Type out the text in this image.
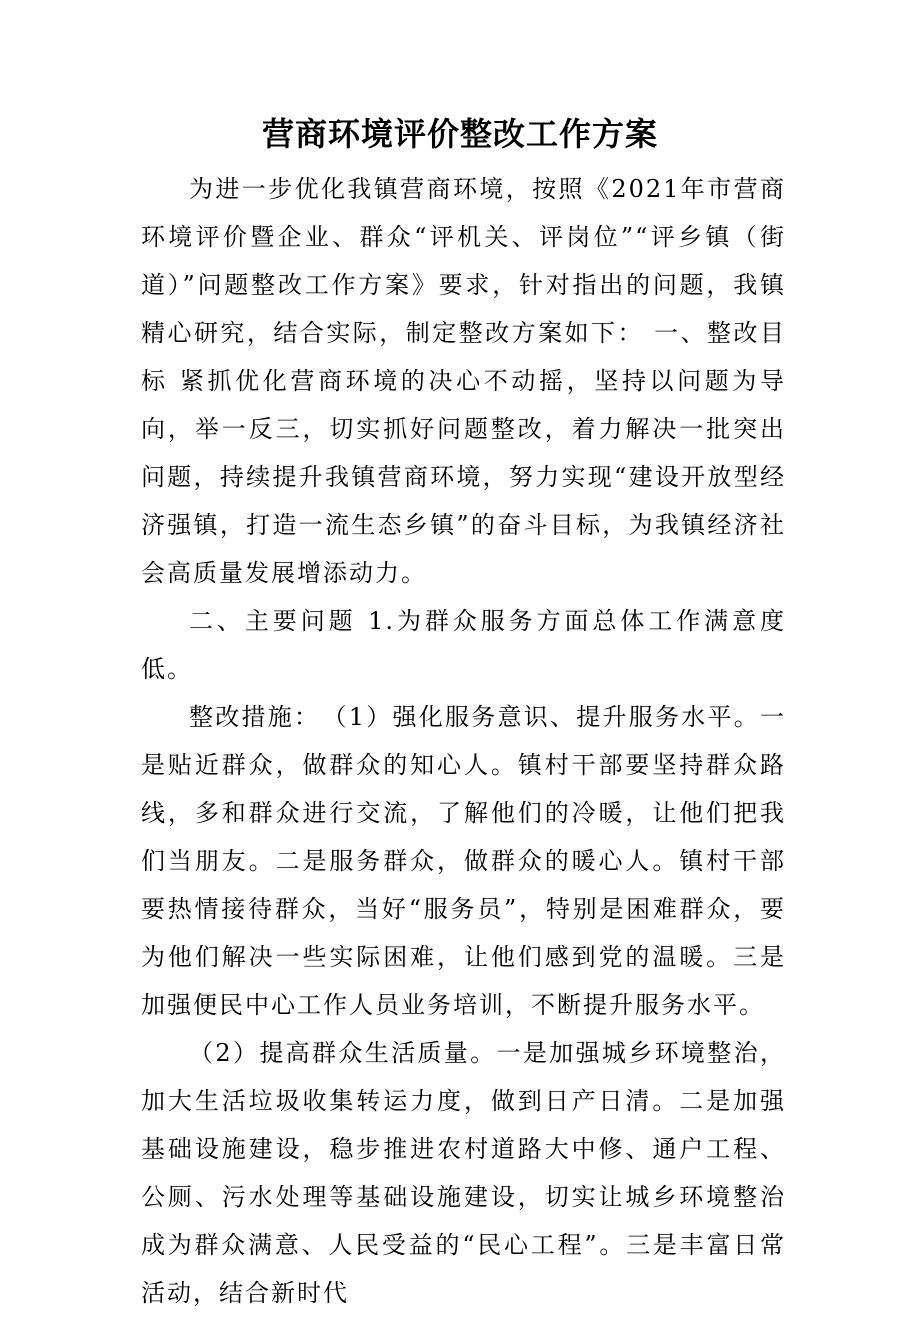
营商环境评价整改工作方案

为进一步优化我镇营商环境，按照《2021年市营商环境评价暨企业、群众“评机关、评岗位”“评乡镇（街道）”问题整改工作方案》要求，针对指出的问题，我镇精心研究，结合实际，制定整改方案如下： 一、整改目标 紧抓优化营商环境的决心不动摇，坚持以问题为导向，举一反三，切实抓好问题整改，着力解决一批突出问题，持续提升我镇营商环境，努力实现“建设开放型经济强镇，打造一流生态乡镇”的奋斗目标，为我镇经济社会高质量发展增添动力。

二、主要问题 1.为群众服务方面总体工作满意度低。

整改措施：　（1）强化服务意识、提升服务水平。一是贴近群众，做群众的知心人。镇村干部要坚持群众路线，多和群众进行交流，了解他们的冷暖，让他们把我们当朋友。二是服务群众，做群众的暖心人。镇村干部要热情接待群众，当好“服务员”，特别是困难群众，要为他们解决一些实际困难，让他们感到党的温暖。三是加强便民中心工作人员业务培训，不断提升服务水平。

（2）提高群众生活质量。一是加强城乡环境整治，加大生活垃圾收集转运力度，做到日产日清。二是加强基础设施建设，稳步推进农村道路大中修、通户工程、公厕、污水处理等基础设施建设，切实让城乡环境整治成为群众满意、人民受益的“民心工程”。三是丰富日常活动，结合新时代
